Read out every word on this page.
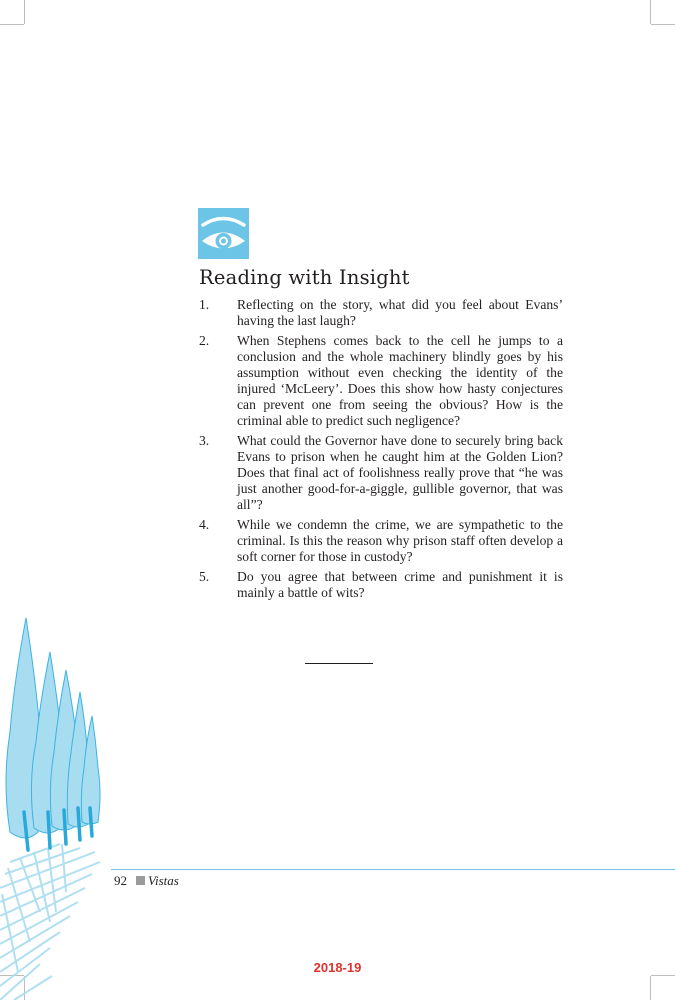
Reading with Insight
1. Reflecting on the story, what did you feel about Evans’ having the last laugh?
2. When Stephens comes back to the cell he jumps to a conclusion and the whole machinery blindly goes by his assumption without even checking the identity of the injured ‘McLeery’. Does this show how hasty conjectures can prevent one from seeing the obvious? How is the criminal able to predict such negligence?
3. What could the Governor have done to securely bring back Evans to prison when he caught him at the Golden Lion? Does that final act of foolishness really prove that “he was just another good-for-a-giggle, gullible governor, that was all”?
4. While we condemn the crime, we are sympathetic to the criminal. Is this the reason why prison staff often develop a soft corner for those in custody?
5. Do you agree that between crime and punishment it is mainly a battle of wits?
92 Vistas
2018-19
